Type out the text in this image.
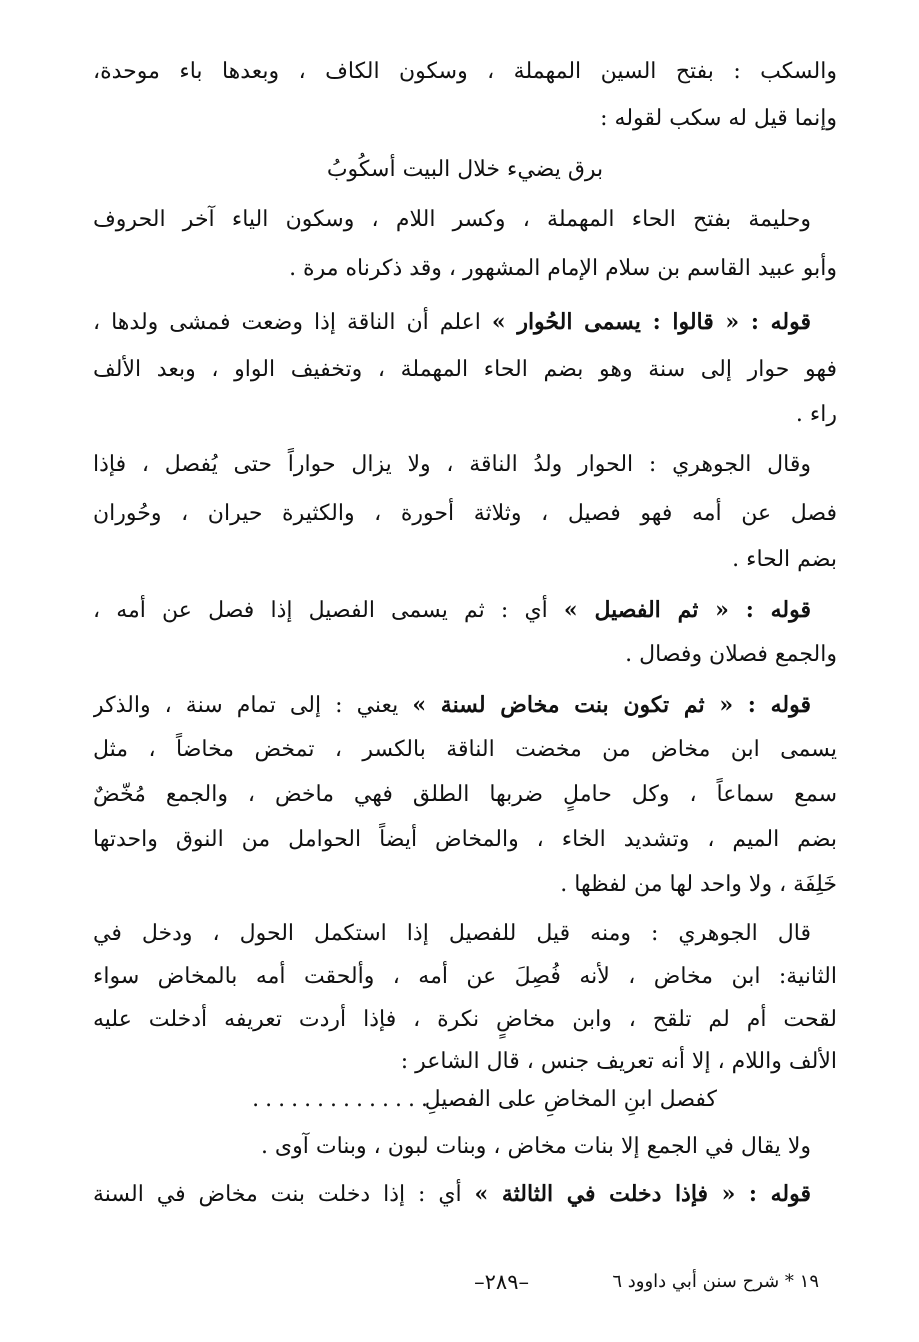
والسكب : بفتح السين المهملة ، وسكون الكاف ، وبعدها باء موحدة،
وإنما قيل له سكب لقوله :
برق يضيء خلال البيت أسكُوبُ
وحليمة بفتح الحاء المهملة ، وكسر اللام ، وسكون الياء آخر الحروف
وأبو عبيد القاسم بن سلام الإمام المشهور ، وقد ذكرناه مرة .
قوله : « قالوا : يسمى الحُوار » اعلم أن الناقة إذا وضعت فمشى ولدها ،
فهو حوار إلى سنة وهو بضم الحاء المهملة ، وتخفيف الواو ، وبعد الألف
راء .
وقال الجوهري : الحوار ولدُ الناقة ، ولا يزال حواراً حتى يُفصل ، فإذا
فصل عن أمه فهو فصيل ، وثلاثة أحورة ، والكثيرة حيران ، وحُوران
بضم الحاء .
قوله : « ثم الفصيل » أي : ثم يسمى الفصيل إذا فصل عن أمه ،
والجمع فصلان وفصال .
قوله : « ثم تكون بنت مخاض لسنة » يعني : إلى تمام سنة ، والذكر
يسمى ابن مخاض من مخضت الناقة بالكسر ، تمخض مخاضاً ، مثل
سمع سماعاً ، وكل حاملٍ ضربها الطلق فهي ماخض ، والجمع مُخّضٌ
بضم الميم ، وتشديد الخاء ، والمخاض أيضاً الحوامل من النوق واحدتها
خَلِفَة ، ولا واحد لها من لفظها .
قال الجوهري : ومنه قيل للفصيل إذا استكمل الحول ، ودخل في
الثانية: ابن مخاض ، لأنه فُصِلَ عن أمه ، وألحقت أمه بالمخاض سواء
لقحت أم لم تلقح ، وابن مخاضٍ نكرة ، فإذا أردت تعريفه أدخلت عليه
الألف واللام ، إلا أنه تعريف جنس ، قال الشاعر :
كفصل ابنِ المخاضِ على الفصيلِ
...............
ولا يقال في الجمع إلا بنات مخاض ، وبنات لبون ، وبنات آوى .
قوله : « فإذا دخلت في الثالثة » أي : إذا دخلت بنت مخاض في السنة
١٩ * شرح سنن أبي داوود ٦
–٢٨٩–
